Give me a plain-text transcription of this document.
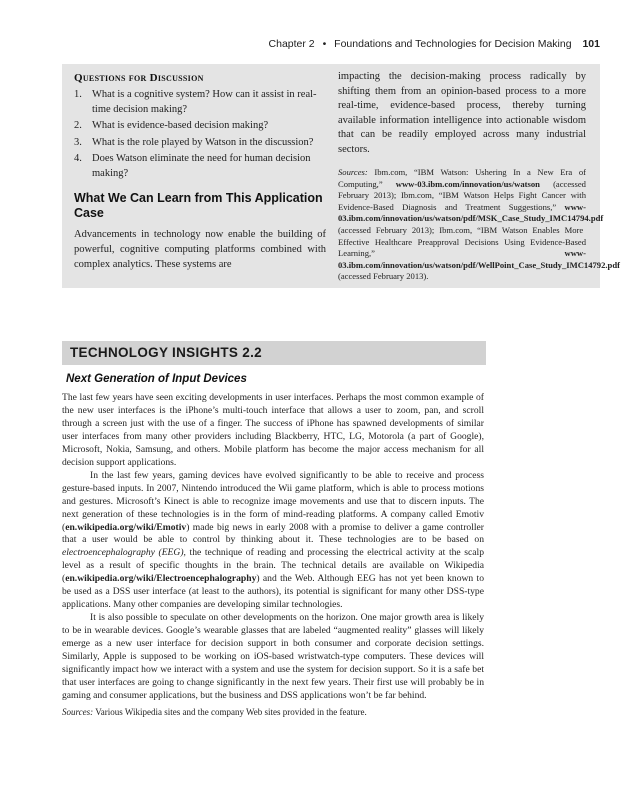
Chapter 2 • Foundations and Technologies for Decision Making 101
Questions for Discussion
1. What is a cognitive system? How can it assist in real-time decision making?
2. What is evidence-based decision making?
3. What is the role played by Watson in the discussion?
4. Does Watson eliminate the need for human decision making?
What We Can Learn from This Application Case

Advancements in technology now enable the building of powerful, cognitive computing platforms combined with complex analytics. These systems are

impacting the decision-making process radically by shifting them from an opinion-based process to a more real-time, evidence-based process, thereby turning available information intelligence into actionable wisdom that can be readily employed across many industrial sectors.

Sources: Ibm.com, “IBM Watson: Ushering In a New Era of Computing,” www-03.ibm.com/innovation/us/watson (accessed February 2013); Ibm.com, “IBM Watson Helps Fight Cancer with Evidence-Based Diagnosis and Treatment Suggestions,” www-03.ibm.com/innovation/us/watson/pdf/MSK_Case_Study_IMC14794.pdf (accessed February 2013); Ibm.com, “IBM Watson Enables More Effective Healthcare Preapproval Decisions Using Evidence-Based Learning,” www-03.ibm.com/innovation/us/watson/pdf/WellPoint_Case_Study_IMC14792.pdf (accessed February 2013).

TECHNOLOGY INSIGHTS 2.2
Next Generation of Input Devices

The last few years have seen exciting developments in user interfaces. Perhaps the most common example of the new user interfaces is the iPhone’s multi-touch interface that allows a user to zoom, pan, and scroll through a screen just with the use of a finger. The success of iPhone has spawned developments of similar user interfaces from many other providers including Blackberry, HTC, LG, Motorola (a part of Google), Microsoft, Nokia, Samsung, and others. Mobile platform has become the major access mechanism for all decision support applications.

In the last few years, gaming devices have evolved significantly to be able to receive and process gesture-based inputs. In 2007, Nintendo introduced the Wii game platform, which is able to process motions and gestures. Microsoft’s Kinect is able to recognize image movements and use that to discern inputs. The next generation of these technologies is in the form of mind-reading platforms. A company called Emotiv (en.wikipedia.org/wiki/Emotiv) made big news in early 2008 with a promise to deliver a game controller that a user would be able to control by thinking about it. These technologies are to be based on electroencephalography (EEG), the technique of reading and processing the electrical activity at the scalp level as a result of specific thoughts in the brain. The technical details are available on Wikipedia (en.wikipedia.org/wiki/Electroencephalography) and the Web. Although EEG has not yet been known to be used as a DSS user interface (at least to the authors), its potential is significant for many other DSS-type applications. Many other companies are developing similar technologies.

It is also possible to speculate on other developments on the horizon. One major growth area is likely to be in wearable devices. Google’s wearable glasses that are labeled “augmented reality” glasses will likely emerge as a new user interface for decision support in both consumer and corporate decision settings. Similarly, Apple is supposed to be working on iOS-based wristwatch-type computers. These devices will significantly impact how we interact with a system and use the system for decision support. So it is a safe bet that user interfaces are going to change significantly in the next few years. Their first use will probably be in gaming and consumer applications, but the business and DSS applications won’t be far behind.

Sources: Various Wikipedia sites and the company Web sites provided in the feature.
